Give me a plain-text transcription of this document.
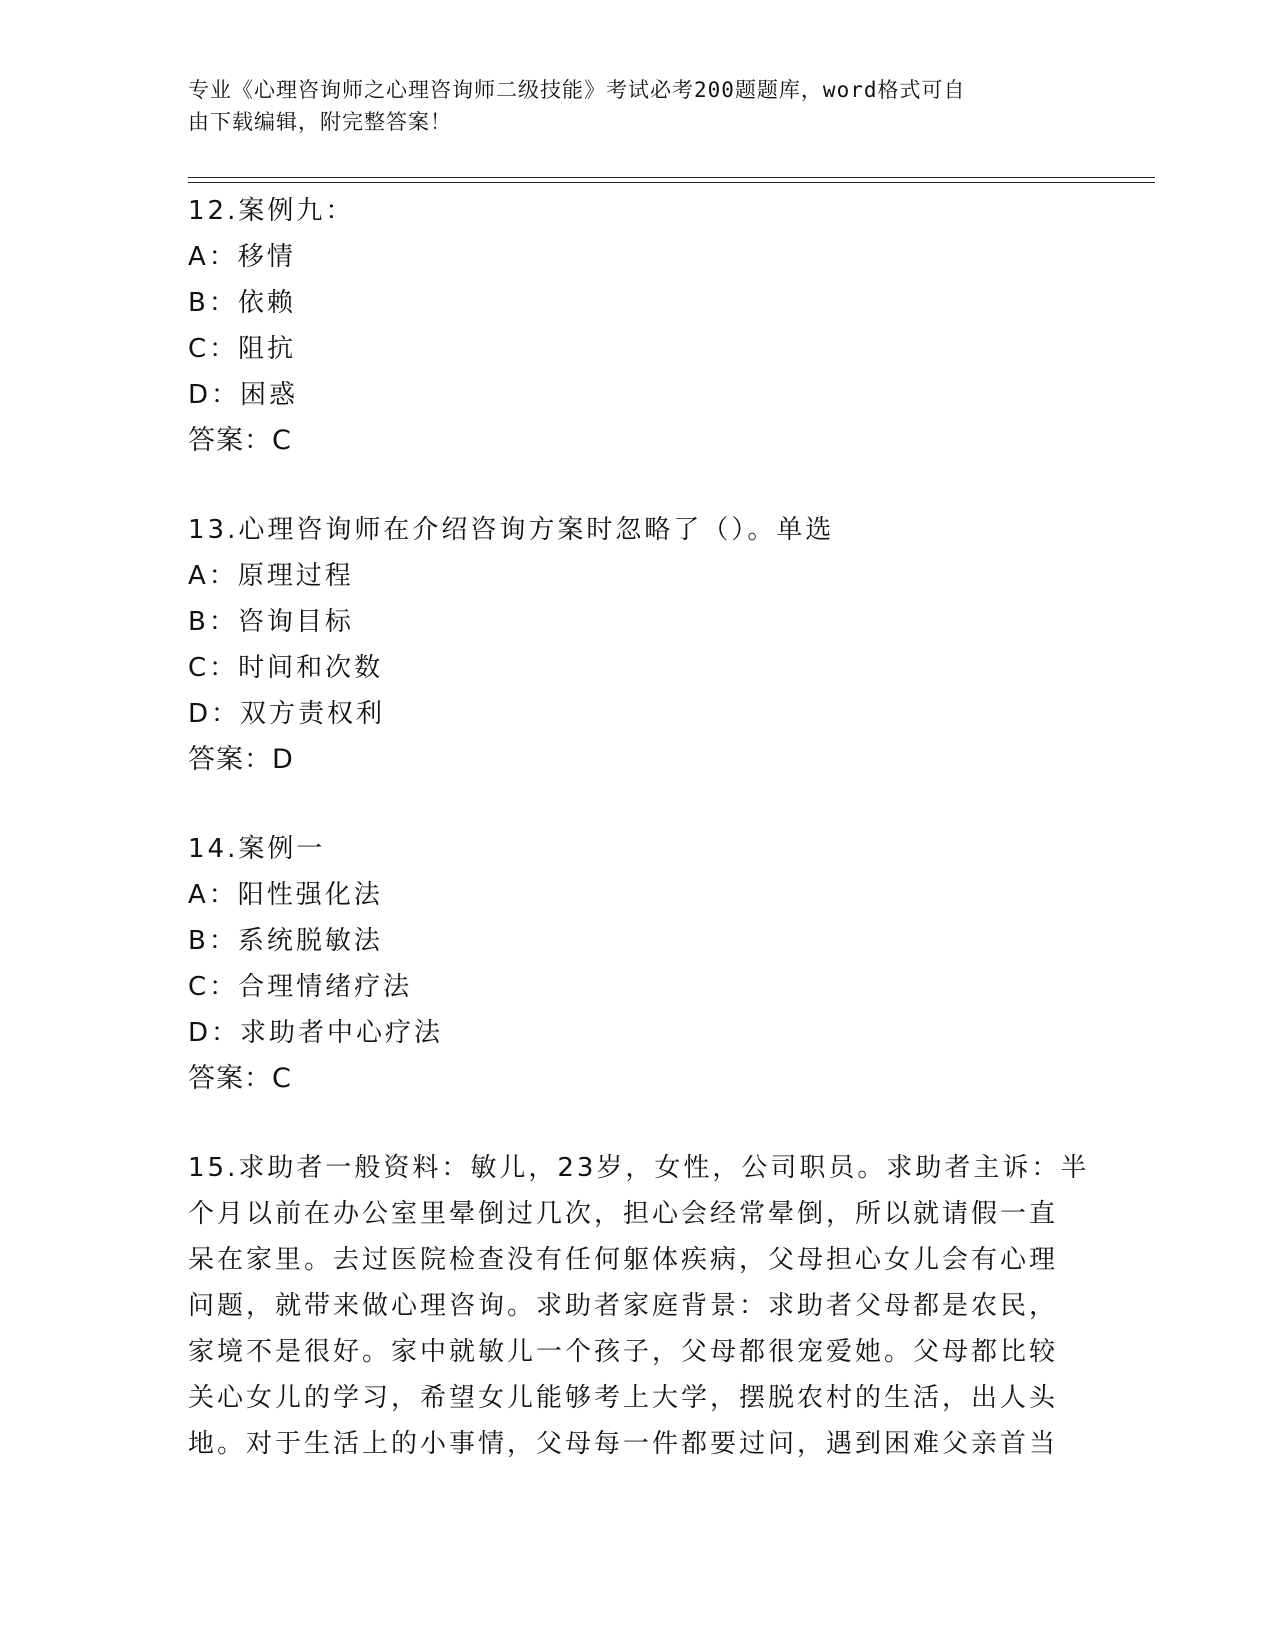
专业《心理咨询师之心理咨询师二级技能》考试必考200题题库，word格式可自
由下载编辑，附完整答案！
12.案例九：
A：移情
B：依赖
C：阻抗
D：困惑
答案：C
13.心理咨询师在介绍咨询方案时忽略了（）。单选
A：原理过程
B：咨询目标
C：时间和次数
D：双方责权利
答案：D
14.案例一
A：阳性强化法
B：系统脱敏法
C：合理情绪疗法
D：求助者中心疗法
答案：C
15.求助者一般资料：敏儿，23岁，女性，公司职员。求助者主诉：半
个月以前在办公室里晕倒过几次，担心会经常晕倒，所以就请假一直
呆在家里。去过医院检查没有任何躯体疾病，父母担心女儿会有心理
问题，就带来做心理咨询。求助者家庭背景：求助者父母都是农民，
家境不是很好。家中就敏儿一个孩子，父母都很宠爱她。父母都比较
关心女儿的学习，希望女儿能够考上大学，摆脱农村的生活，出人头
地。对于生活上的小事情，父母每一件都要过问，遇到困难父亲首当
